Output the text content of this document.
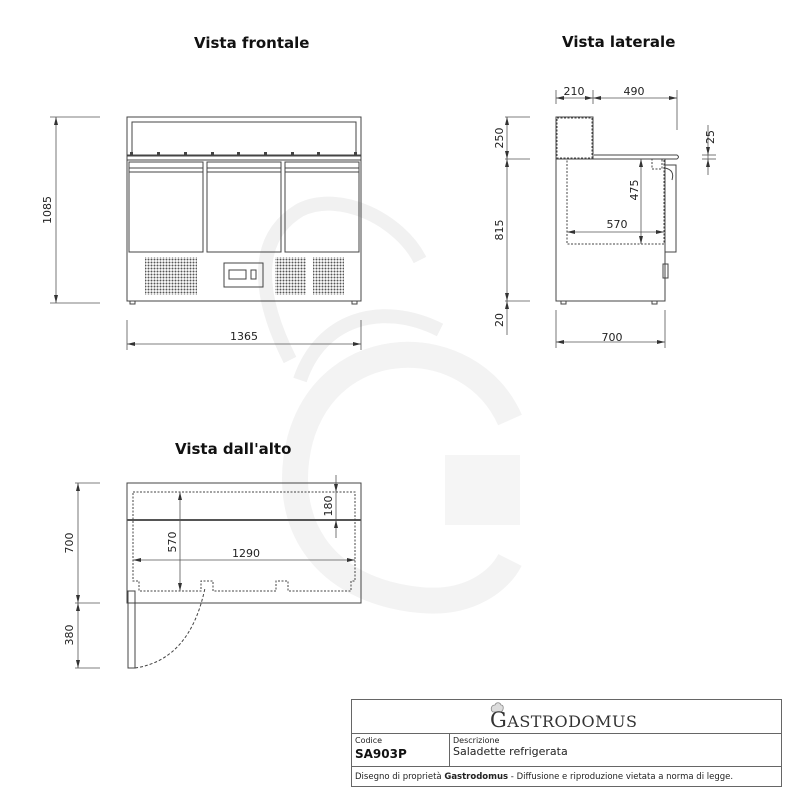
Vista frontale	Vista laterale
Vista dall'alto
1085
1365
210	490
250
815
20
25
475
570
700
700
380
570
1290
180
GASTRODOMUS
Codice
SA903P
Descrizione
Saladette refrigerata
Disegno di proprietà Gastrodomus - Diffusione e riproduzione vietata a norma di legge.
